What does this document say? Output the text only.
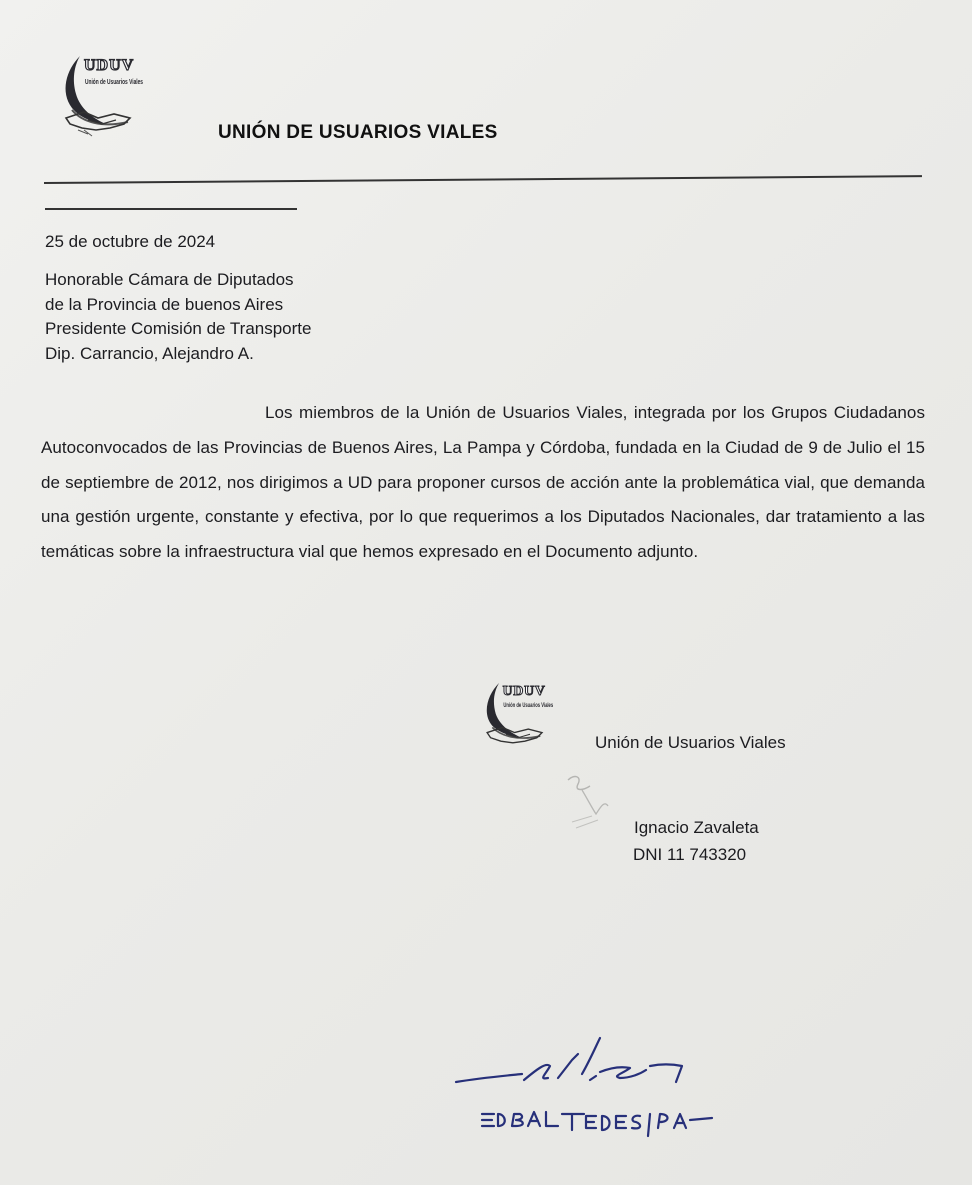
UDUV
Unión de Usuarios Viales
UNIÓN DE USUARIOS VIALES
25 de octubre de 2024
Honorable Cámara de Diputados
de la Provincia de buenos Aires
Presidente Comisión de Transporte
Dip. Carrancio, Alejandro A.
Los miembros de la Unión de Usuarios Viales, integrada por los Grupos Ciudadanos Autoconvocados de las Provincias de Buenos Aires, La Pampa y Córdoba, fundada en la Ciudad de 9 de Julio el 15 de septiembre de 2012, nos dirigimos a UD para proponer cursos de acción ante la problemática vial, que demanda una gestión urgente, constante y efectiva, por lo que requerimos a los Diputados Nacionales, dar tratamiento a las temáticas sobre la infraestructura vial que hemos expresado en el Documento adjunto.
UDUV
Unión de Usuarios Viales
Unión de Usuarios Viales
Ignacio Zavaleta
DNI 11 743320
